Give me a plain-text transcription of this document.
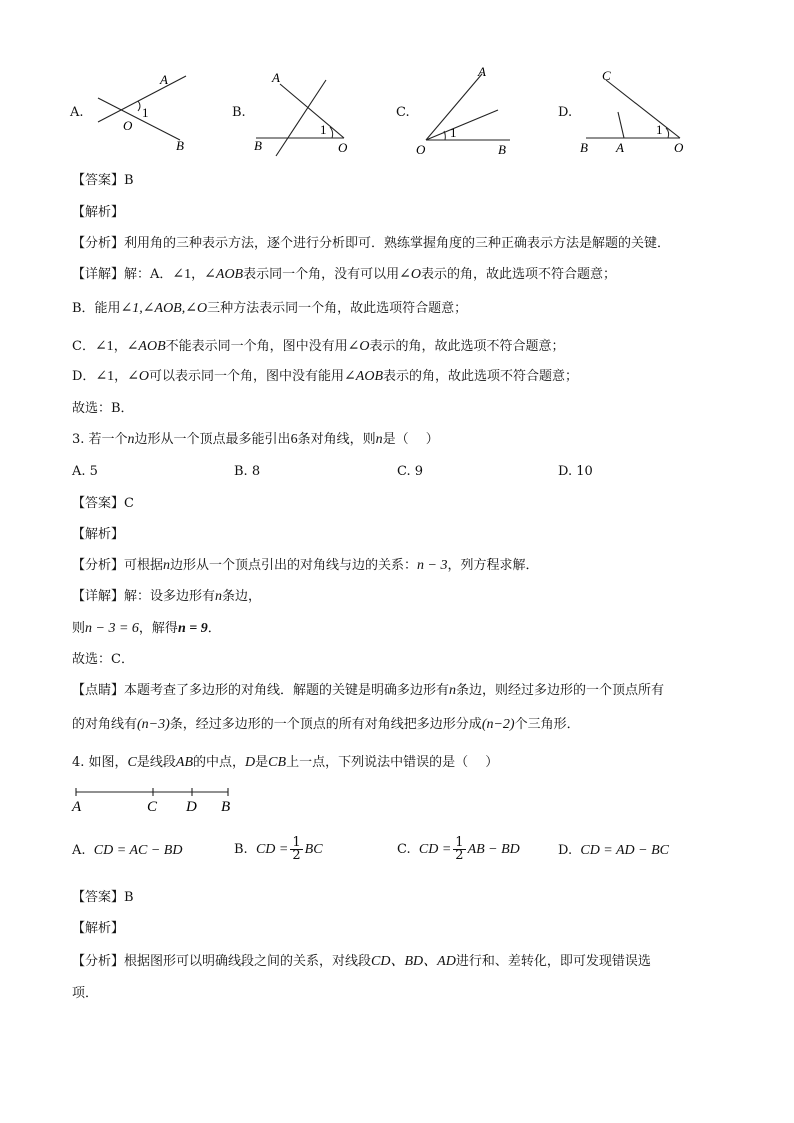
A.
A
1
O
B
B.
A
1
B	O
C.
A
1
O	B
D.
C
1
B A	O
【答案】B
【解析】
【分析】利用角的三种表示方法，逐个进行分析即可．熟练掌握角度的三种正确表示方法是解题的关键．
【详解】解：A．∠1，∠AOB表示同一个角，没有可以用∠O表示的角，故此选项不符合题意；
B．能用∠1,∠AOB,∠O三种方法表示同一个角，故此选项符合题意；
C．∠1，∠AOB不能表示同一个角，图中没有用∠O表示的角，故此选项不符合题意；
D．∠1，∠O可以表示同一个角，图中没有能用∠AOB表示的角，故此选项不符合题意；
故选：B．
3. 若一个n边形从一个顶点最多能引出6条对角线，则n是（　 ）
A. 5	B. 8	C. 9	D. 10
【答案】C
【解析】
【分析】可根据n边形从一个顶点引出的对角线与边的关系：n − 3，列方程求解．
【详解】解：设多边形有n条边，
则n − 3 = 6，解得n = 9．
故选：C．
【点睛】本题考查了多边形的对角线．解题的关键是明确多边形有n条边，则经过多边形的一个顶点所有
的对角线有(n−3)条，经过多边形的一个顶点的所有对角线把多边形分成(n−2)个三角形．
4. 如图，C是线段AB的中点，D是CB上一点，下列说法中错误的是（　 ）
A	C D B
A. CD = AC − BD	B. CD = $\frac{1}{2}$ BC	C. CD = $\frac{1}{2}$ AB − BD	D. CD = AD − BC
【答案】B
【解析】
【分析】根据图形可以明确线段之间的关系，对线段CD、BD、AD进行和、差转化，即可发现错误选
项．
